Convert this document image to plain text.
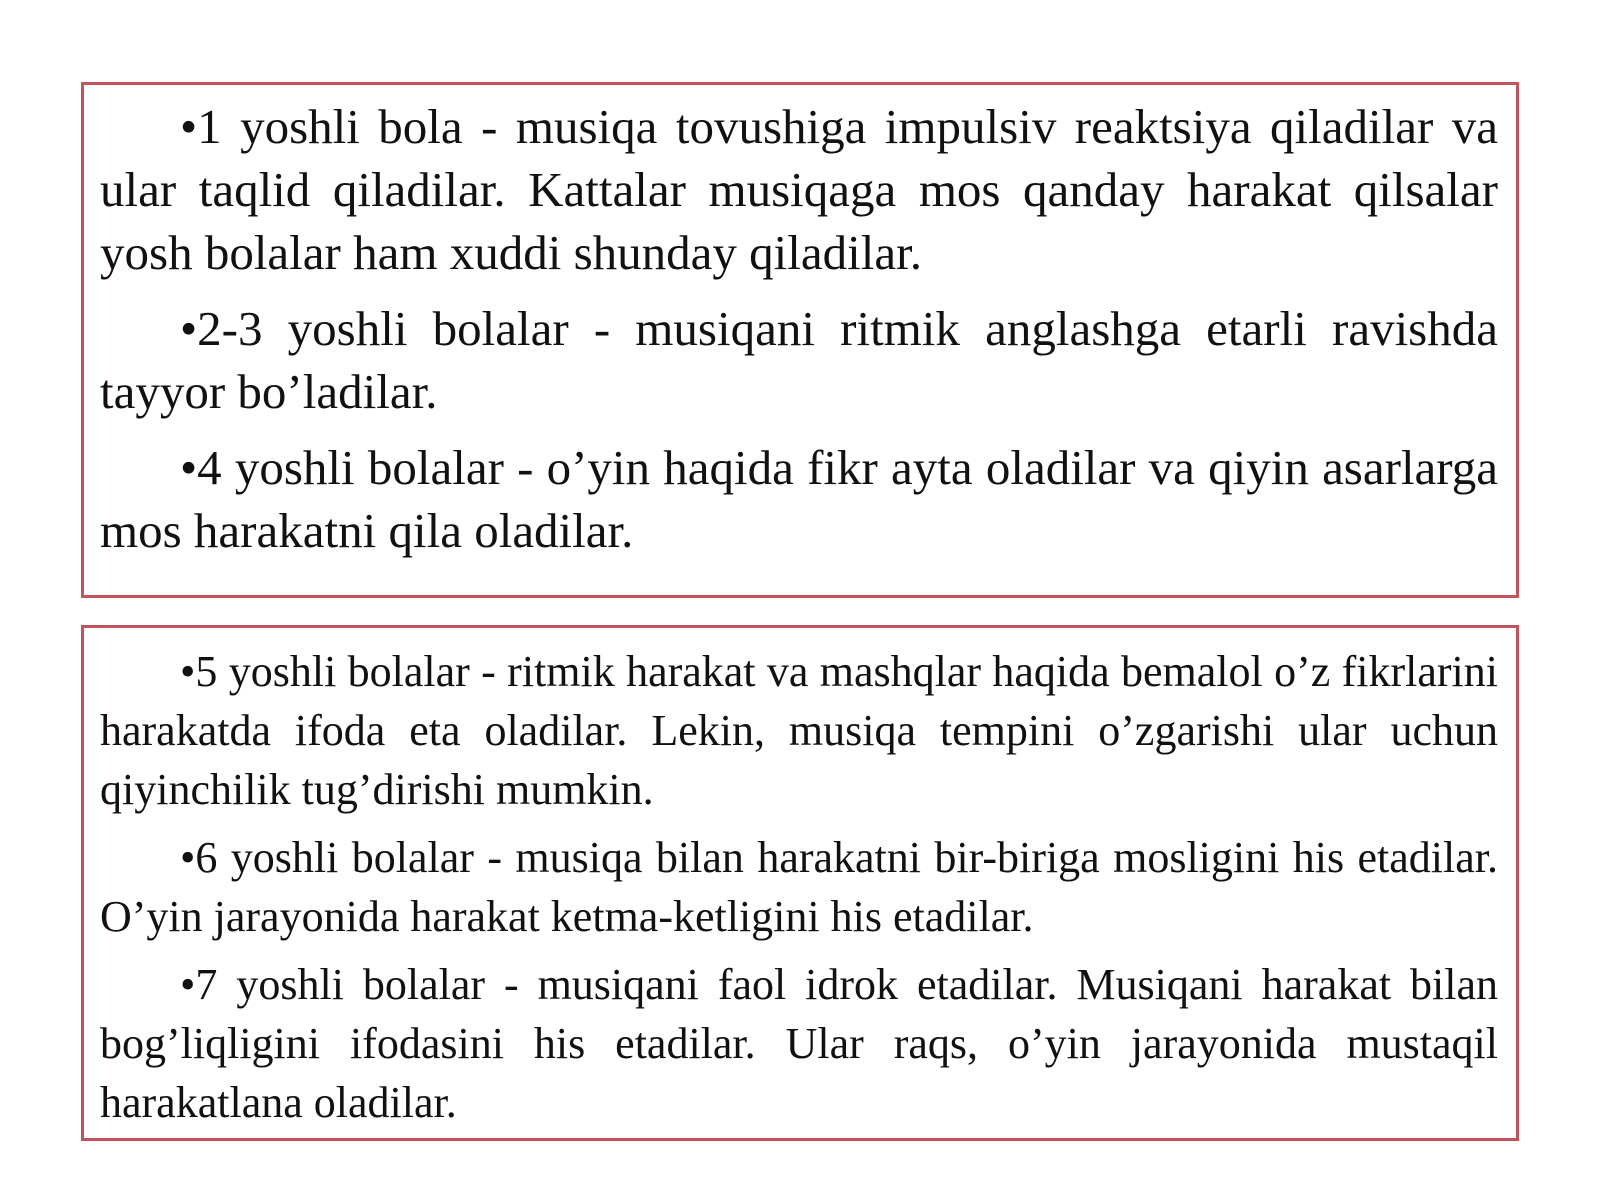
•1 yoshli bola - musiqa tovushiga impulsiv reaktsiya qiladilar va ular taqlid qiladilar. Kattalar musiqaga mos qanday harakat qilsalar yosh bolalar ham xuddi shunday qiladilar.

•2-3 yoshli bolalar - musiqani ritmik anglashga etarli ravishda tayyor bo’ladilar.

•4 yoshli bolalar - o’yin haqida fikr ayta oladilar va qiyin asarlarga mos harakatni qila oladilar.

•5 yoshli bolalar - ritmik harakat va mashqlar haqida bemalol o’z fikrlarini harakatda ifoda eta oladilar. Lekin, musiqa tempini o’zgarishi ular uchun qiyinchilik tug’dirishi mumkin.

•6 yoshli bolalar - musiqa bilan harakatni bir-biriga mosligini his etadilar. O’yin jarayonida harakat ketma-ketligini his etadilar.

•7 yoshli bolalar - musiqani faol idrok etadilar. Musiqani harakat bilan bog’liqligini ifodasini his etadilar. Ular raqs, o’yin jarayonida mustaqil harakatlana oladilar.
